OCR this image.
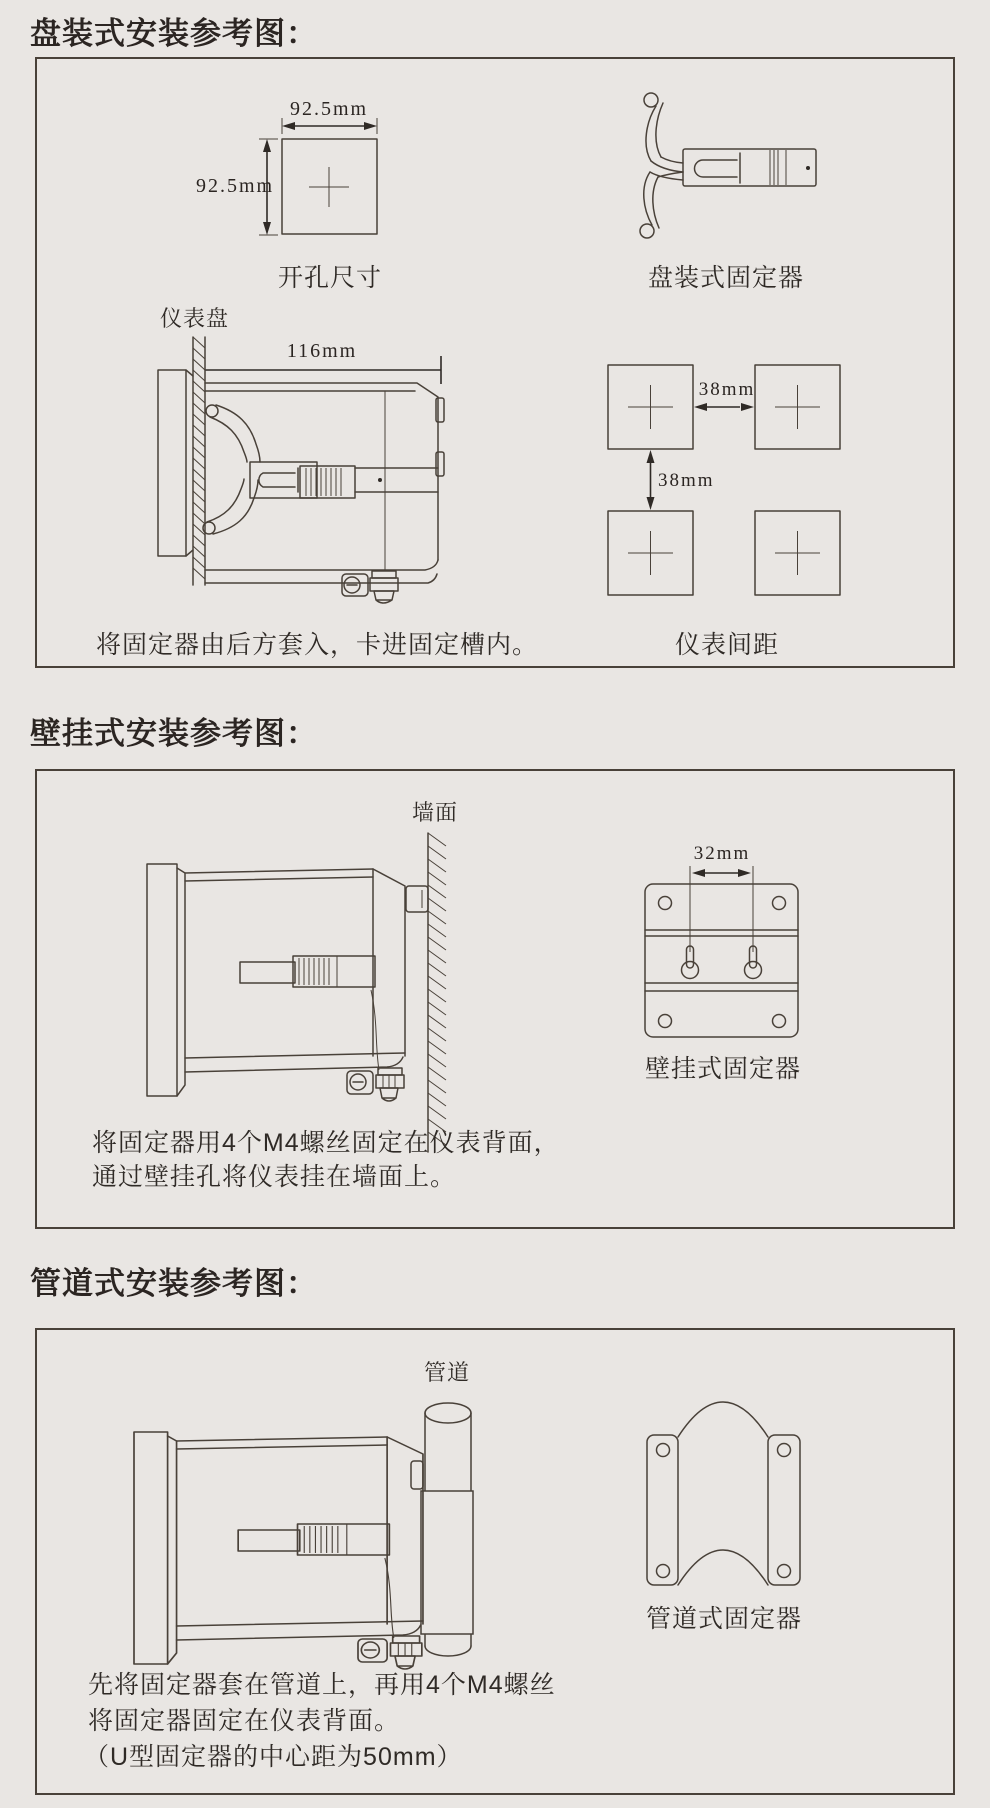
盘装式安装参考图：
92.5mm
92.5mm
开孔尺寸	盘装式固定器
仪表盘
116mm
38mm
38mm
将固定器由后方套入，卡进固定槽内。	仪表间距
壁挂式安装参考图：
墙面
32mm
壁挂式固定器
将固定器用4个M4螺丝固定在仪表背面，
通过壁挂孔将仪表挂在墙面上。
管道式安装参考图：
管道
管道式固定器
先将固定器套在管道上，再用4个M4螺丝
将固定器固定在仪表背面。
（U型固定器的中心距为50mm）
